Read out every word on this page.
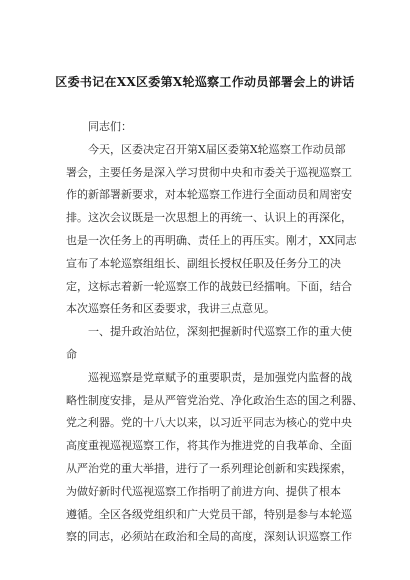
区委书记在XX区委第X轮巡察工作动员部署会上的讲话
同志们：
今天，区委决定召开第X届区委第X轮巡察工作动员部
署会，主要任务是深入学习贯彻中央和市委关于巡视巡察工
作的新部署新要求，对本轮巡察工作进行全面动员和周密安
排。这次会议既是一次思想上的再统一、认识上的再深化，
也是一次任务上的再明确、责任上的再压实。刚才，XX同志
宣布了本轮巡察组组长、副组长授权任职及任务分工的决
定，这标志着新一轮巡察工作的战鼓已经擂响。下面，结合
本次巡察任务和区委要求，我讲三点意见。
一、提升政治站位，深刻把握新时代巡察工作的重大使
命
巡视巡察是党章赋予的重要职责，是加强党内监督的战
略性制度安排，是从严管党治党、净化政治生态的国之利器、
党之利器。党的十八大以来，以习近平同志为核心的党中央
高度重视巡视巡察工作，将其作为推进党的自我革命、全面
从严治党的重大举措，进行了一系列理论创新和实践探索，
为做好新时代巡视巡察工作指明了前进方向、提供了根本
遵循。全区各级党组织和广大党员干部，特别是参与本轮巡
察的同志，必须站在政治和全局的高度，深刻认识巡察工作
